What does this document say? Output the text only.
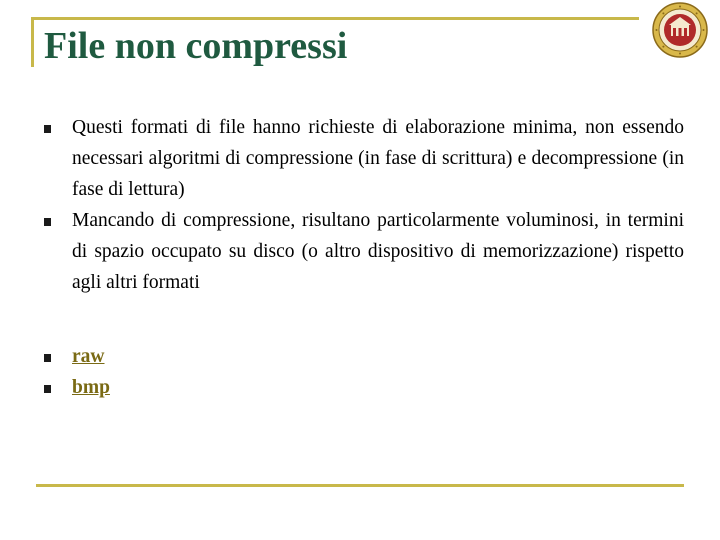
File non compressi
Questi formati di file hanno richieste di elaborazione minima, non essendo necessari algoritmi di compressione (in fase di scrittura) e decompressione (in fase di lettura)
Mancando di compressione, risultano particolarmente voluminosi, in termini di spazio occupato su disco (o altro dispositivo di memorizzazione) rispetto agli altri formati
raw
bmp
